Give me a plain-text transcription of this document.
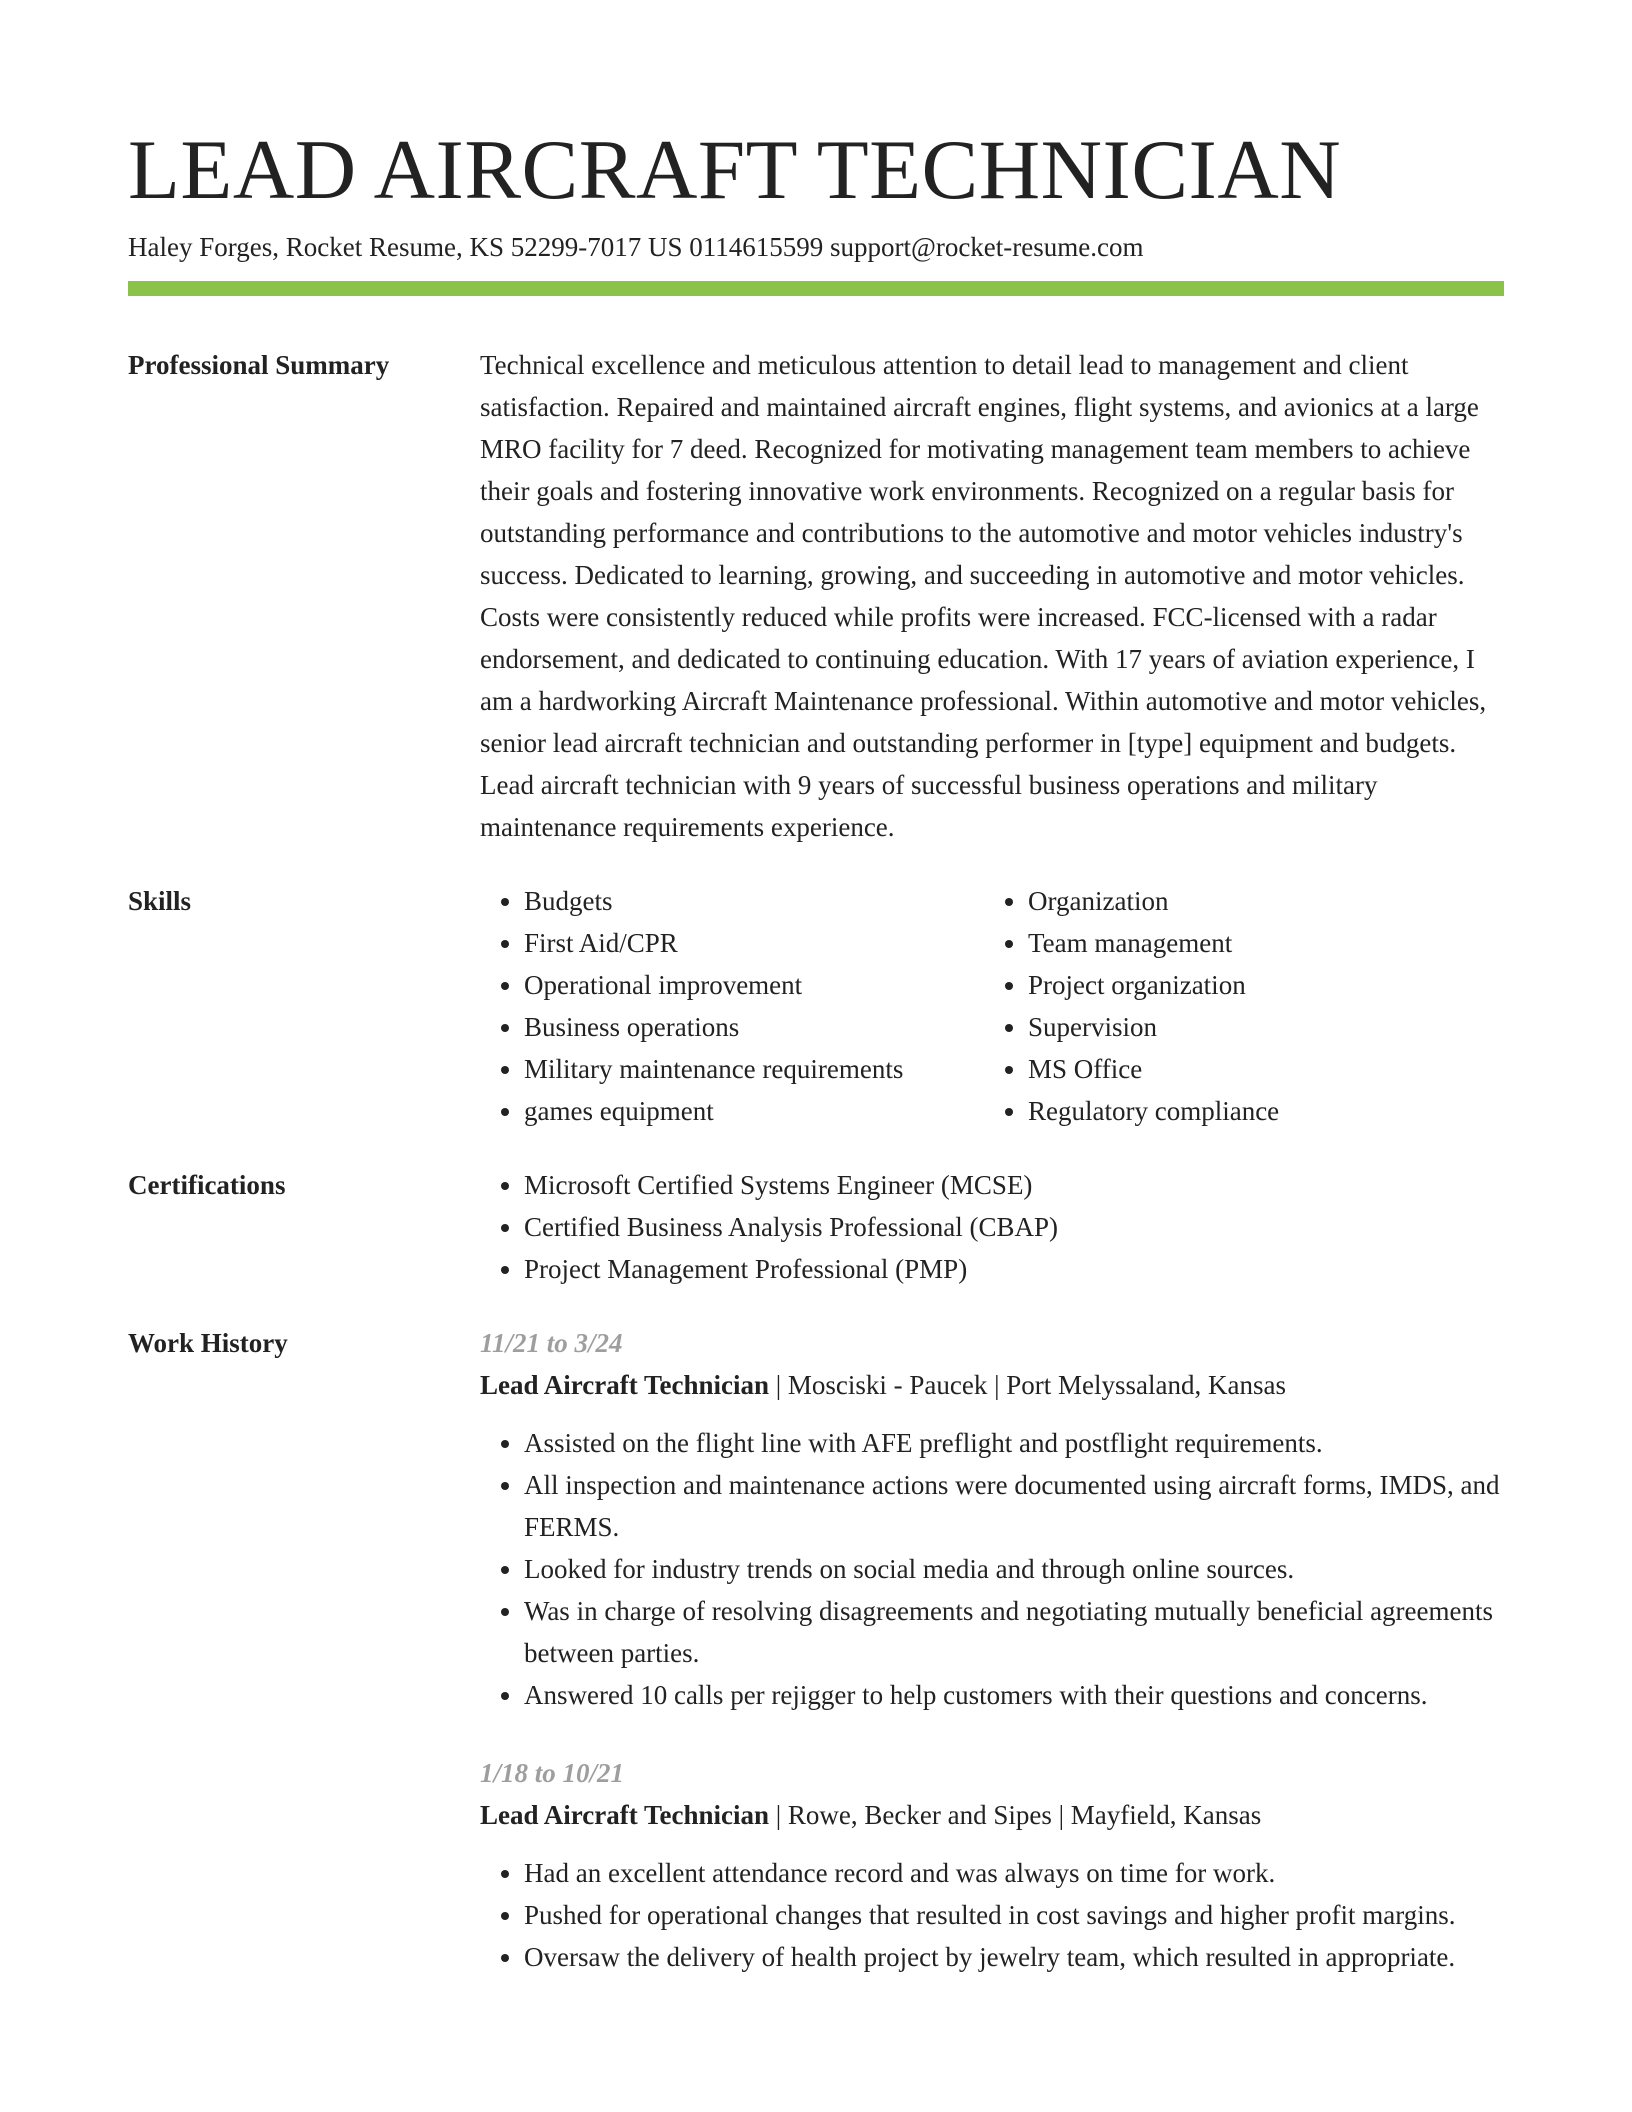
LEAD AIRCRAFT TECHNICIAN
Haley Forges, Rocket Resume, KS 52299-7017 US 0114615599 support@rocket-resume.com
Professional Summary	Technical excellence and meticulous attention to detail lead to management and client satisfaction. Repaired and maintained aircraft engines, flight systems, and avionics at a large MRO facility for 7 deed. Recognized for motivating management team members to achieve their goals and fostering innovative work environments. Recognized on a regular basis for outstanding performance and contributions to the automotive and motor vehicles industry's success. Dedicated to learning, growing, and succeeding in automotive and motor vehicles. Costs were consistently reduced while profits were increased. FCC-licensed with a radar endorsement, and dedicated to continuing education. With 17 years of aviation experience, I am a hardworking Aircraft Maintenance professional. Within automotive and motor vehicles, senior lead aircraft technician and outstanding performer in [type] equipment and budgets. Lead aircraft technician with 9 years of successful business operations and military maintenance requirements experience.
Skills	• Budgets
• First Aid/CPR
• Operational improvement
• Business operations
• Military maintenance requirements
• games equipment
• Organization
• Team management
• Project organization
• Supervision
• MS Office
• Regulatory compliance
Certifications	• Microsoft Certified Systems Engineer (MCSE)
• Certified Business Analysis Professional (CBAP)
• Project Management Professional (PMP)
Work History	11/21 to 3/24
Lead Aircraft Technician | Mosciski - Paucek | Port Melyssaland, Kansas
• Assisted on the flight line with AFE preflight and postflight requirements.
• All inspection and maintenance actions were documented using aircraft forms, IMDS, and FERMS.
• Looked for industry trends on social media and through online sources.
• Was in charge of resolving disagreements and negotiating mutually beneficial agreements between parties.
• Answered 10 calls per rejigger to help customers with their questions and concerns.
1/18 to 10/21
Lead Aircraft Technician | Rowe, Becker and Sipes | Mayfield, Kansas
• Had an excellent attendance record and was always on time for work.
• Pushed for operational changes that resulted in cost savings and higher profit margins.
• Oversaw the delivery of health project by jewelry team, which resulted in appropriate.
